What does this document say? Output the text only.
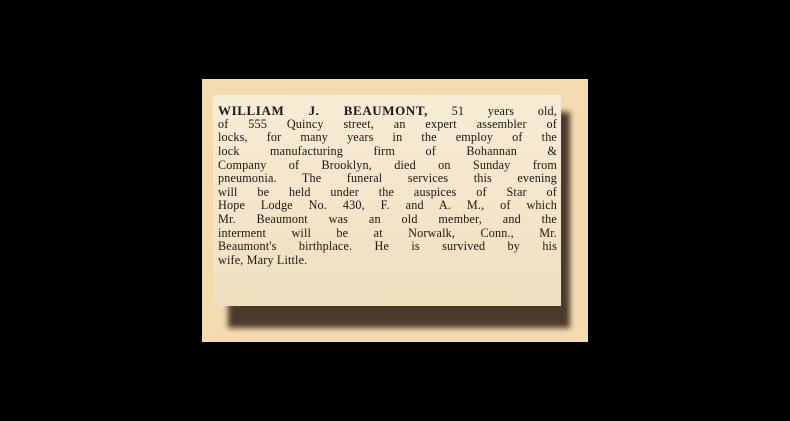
WILLIAM J. BEAUMONT, 51 years old,
of 555 Quincy street, an expert assembler of
locks, for many years in the employ of the
lock manufacturing firm of Bohannan &
Company of Brooklyn, died on Sunday from
pneumonia. The funeral services this evening
will be held under the auspices of Star of
Hope Lodge No. 430, F. and A. M., of which
Mr. Beaumont was an old member, and the
interment will be at Norwalk, Conn., Mr.
Beaumont's birthplace. He is survived by his
wife, Mary Little.
